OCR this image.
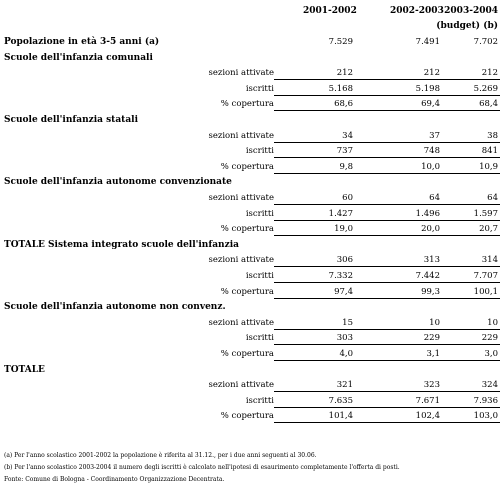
2001-2002	2002-2003 2003-2004
(budget) (b)
Popolazione in età 3-5 anni (a)	7.529	7.491	7.702
Scuole dell'infanzia comunali
sezioni attivate	212	212	212
iscritti	5.168	5.198	5.269
% copertura	68,6	69,4	68,4
Scuole dell'infanzia statali
sezioni attivate	34	37	38
iscritti	737	748	841
% copertura	9,8	10,0	10,9
Scuole dell'infanzia autonome convenzionate
sezioni attivate	60	64	64
iscritti	1.427	1.496	1.597
% copertura	19,0	20,0	20,7
TOTALE Sistema integrato scuole dell'infanzia
sezioni attivate	306	313	314
iscritti	7.332	7.442	7.707
% copertura	97,4	99,3	100,1
Scuole dell'infanzia autonome non convenz.
sezioni attivate	15	10	10
iscritti	303	229	229
% copertura	4,0	3,1	3,0
TOTALE
sezioni attivate	321	323	324
iscritti	7.635	7.671	7.936
% copertura	101,4	102,4	103,0
(a) Per l'anno scolastico 2001-2002 la popolazione è riferita al 31.12., per i due anni seguenti al 30.06.
(b) Per l'anno scolastico 2003-2004 il numero degli iscritti è calcolato nell'ipotesi di esaurimento completamente l'offerta di posti.
Fonte: Comune di Bologna - Coordinamento Organizzazione Decentrata.
